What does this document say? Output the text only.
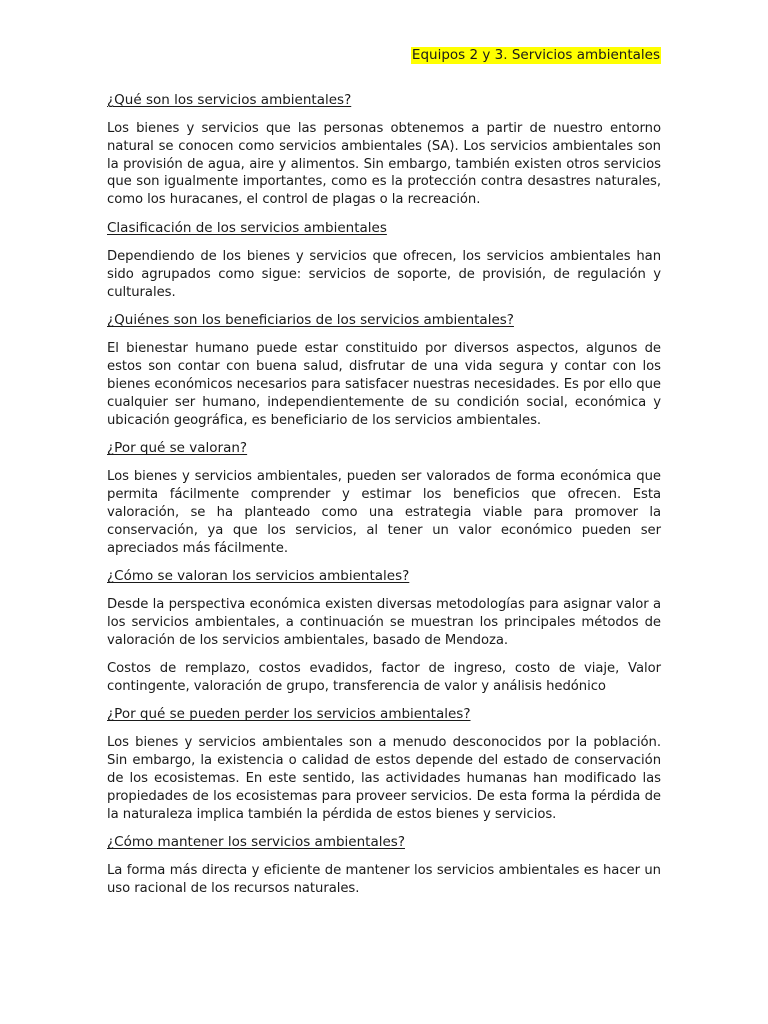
Equipos 2 y 3. Servicios ambientales
¿Qué son los servicios ambientales?

Los bienes y servicios que las personas obtenemos a partir de nuestro entorno natural se conocen como servicios ambientales (SA). Los servicios ambientales son la provisión de agua, aire y alimentos. Sin embargo, también existen otros servicios que son igualmente importantes, como es la protección contra desastres naturales, como los huracanes, el control de plagas o la recreación.

Clasificación de los servicios ambientales

Dependiendo de los bienes y servicios que ofrecen, los servicios ambientales han sido agrupados como sigue: servicios de soporte, de provisión, de regulación y culturales.

¿Quiénes son los beneficiarios de los servicios ambientales?

El bienestar humano puede estar constituido por diversos aspectos, algunos de estos son contar con buena salud, disfrutar de una vida segura y contar con los bienes económicos necesarios para satisfacer nuestras necesidades. Es por ello que cualquier ser humano, independientemente de su condición social, económica y ubicación geográfica, es beneficiario de los servicios ambientales.

¿Por qué se valoran?

Los bienes y servicios ambientales, pueden ser valorados de forma económica que permita fácilmente comprender y estimar los beneficios que ofrecen. Esta valoración, se ha planteado como una estrategia viable para promover la conservación, ya que los servicios, al tener un valor económico pueden ser apreciados más fácilmente.

¿Cómo se valoran los servicios ambientales?

Desde la perspectiva económica existen diversas metodologías para asignar valor a los servicios ambientales, a continuación se muestran los principales métodos de valoración de los servicios ambientales, basado de Mendoza.

Costos de remplazo, costos evadidos, factor de ingreso, costo de viaje, Valor contingente, valoración de grupo, transferencia de valor y análisis hedónico

¿Por qué se pueden perder los servicios ambientales?

Los bienes y servicios ambientales son a menudo desconocidos por la población. Sin embargo, la existencia o calidad de estos depende del estado de conservación de los ecosistemas. En este sentido, las actividades humanas han modificado las propiedades de los ecosistemas para proveer servicios. De esta forma la pérdida de la naturaleza implica también la pérdida de estos bienes y servicios.

¿Cómo mantener los servicios ambientales?

La forma más directa y eficiente de mantener los servicios ambientales es hacer un uso racional de los recursos naturales.
